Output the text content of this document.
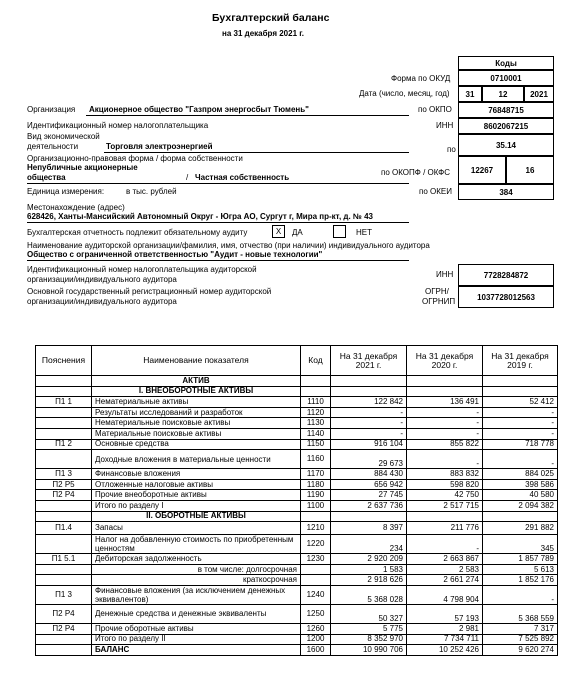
Бухгалтерский баланс
на 31 декабря 2021 г.
Коды
Форма по ОКУД	0710001
Дата (число, месяц, год)	31	12	2021
Организация Акционерное общество "Газпром энергосбыт Тюмень"	по ОКПО	76848715
Идентификационный номер налогоплательщика	ИНН	8602067215
Вид экономической
деятельности	Торговля электроэнергией	по	35.14
Организационно-правовая форма / форма собственности
Непубличные акционерные
общества	/ Частная собственность
по ОКОПФ / ОКФС	12267	16
Единица измерения:	в тыс. рублей	по ОКЕИ	384
Местонахождение (адрес)
628426, Ханты-Мансийский Автономный Округ - Югра АО, Сургут г, Мира пр-кт, д. № 43
Бухгалтерская отчетность подлежит обязательному аудиту	X	ДА	НЕТ
Наименование аудиторской организации/фамилия, имя, отчество (при наличии) индивидуального аудитора
Общество с ограниченной ответственностью "Аудит - новые технологии"
Идентификационный номер налогоплательщика аудиторской
организации/индивидуального аудитора
ИНН	7728284872
Основной государственный регистрационный номер аудиторской
организации/индивидуального аудитора
ОГРН/
ОГРНИП	1037728012563
Пояснения	Наименование показателя	Код	На 31 декабря 2021 г.	На 31 декабря 2020 г.	На 31 декабря 2019 г.
	АКТИВ				
	I. ВНЕОБОРОТНЫЕ АКТИВЫ				
П1 1	Нематериальные активы	1110	122 842	136 491	52 412
	Результаты исследований и разработок	1120	-	-	-
	Нематериальные поисковые активы	1130	-	-	-
	Материальные поисковые активы	1140	-	-	-
П1 2	Основные средства	1150	916 104	855 822	718 778
	Доходные вложения в материальные ценности	1160	29 673	-	-
П1 3	Финансовые вложения	1170	884 430	883 832	884 025
П2 Р5	Отложенные налоговые активы	1180	656 942	598 820	398 586
П2 Р4	Прочие внеоборотные активы	1190	27 745	42 750	40 580
	Итого по разделу I	1100	2 637 736	2 517 715	2 094 382
	II. ОБОРОТНЫЕ АКТИВЫ				
П1.4	Запасы	1210	8 397	211 776	291 882
	Налог на добавленную стоимость по приобретенным ценностям	1220	234	-	345
П1 5.1	Дебиторская задолженность	1230	2 920 209	2 663 867	1 857 789
	в том числе: долгосрочная		1 583	2 583	5 613
	краткосрочная		2 918 626	2 661 274	1 852 176
П1 3	Финансовые вложения (за исключением денежных эквивалентов)	1240	5 368 028	4 798 904	-
П2 Р4	Денежные средства и денежные эквиваленты	1250	50 327	57 193	5 368 559
П2 Р4	Прочие оборотные активы	1260	5 775	2 981	7 317
	Итого по разделу II	1200	8 352 970	7 734 711	7 525 892
	БАЛАНС	1600	10 990 706	10 252 426	9 620 274
